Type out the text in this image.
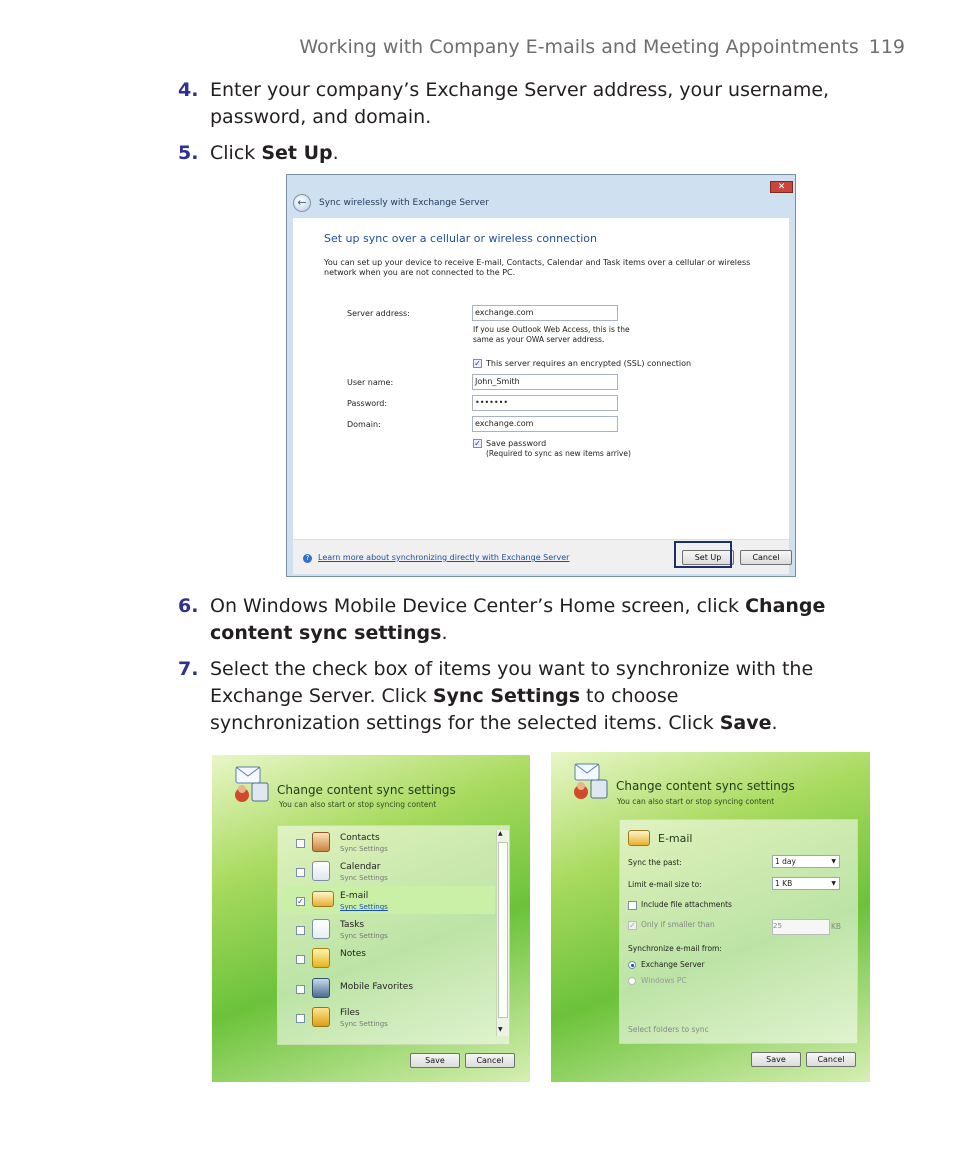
Working with Company E-mails and Meeting Appointments 119
4. Enter your company’s Exchange Server address, your username, password, and domain.
5. Click Set Up.
←	Sync wirelessly with Exchange Server
✕
Set up sync over a cellular or wireless connection
You can set up your device to receive E-mail, Contacts, Calendar and Task items over a cellular or wireless network when you are not connected to the PC.
Server address:	exchange.com
If you use Outlook Web Access, this is the
same as your OWA server address.
✓ This server requires an encrypted (SSL) connection
User name:	John_Smith
Password:	•••••••
Domain:	exchange.com
✓ Save password
(Required to sync as new items arrive)
?	Learn more about synchronizing directly with Exchange Server	Set Up	Cancel
6. On Windows Mobile Device Center’s Home screen, click Change content sync settings.
7. Select the check box of items you want to synchronize with the Exchange Server. Click Sync Settings to choose synchronization settings for the selected items. Click Save.
Change content sync settings
You can also start or stop syncing content
▲
▼
Contacts
Sync Settings
Calendar
Sync Settings
✓
E-mail
Sync Settings
Tasks
Sync Settings
Notes
Mobile Favorites
Files
Sync Settings
Save	Cancel
Change content sync settings
You can also start or stop syncing content
E-mail
Sync the past:	1 day	▼
Limit e-mail size to:	1 KB	▼
Include file attachments
✓ Only if smaller than	25	KB
Synchronize e-mail from:
Exchange Server
Windows PC
Select folders to sync
Save	Cancel
